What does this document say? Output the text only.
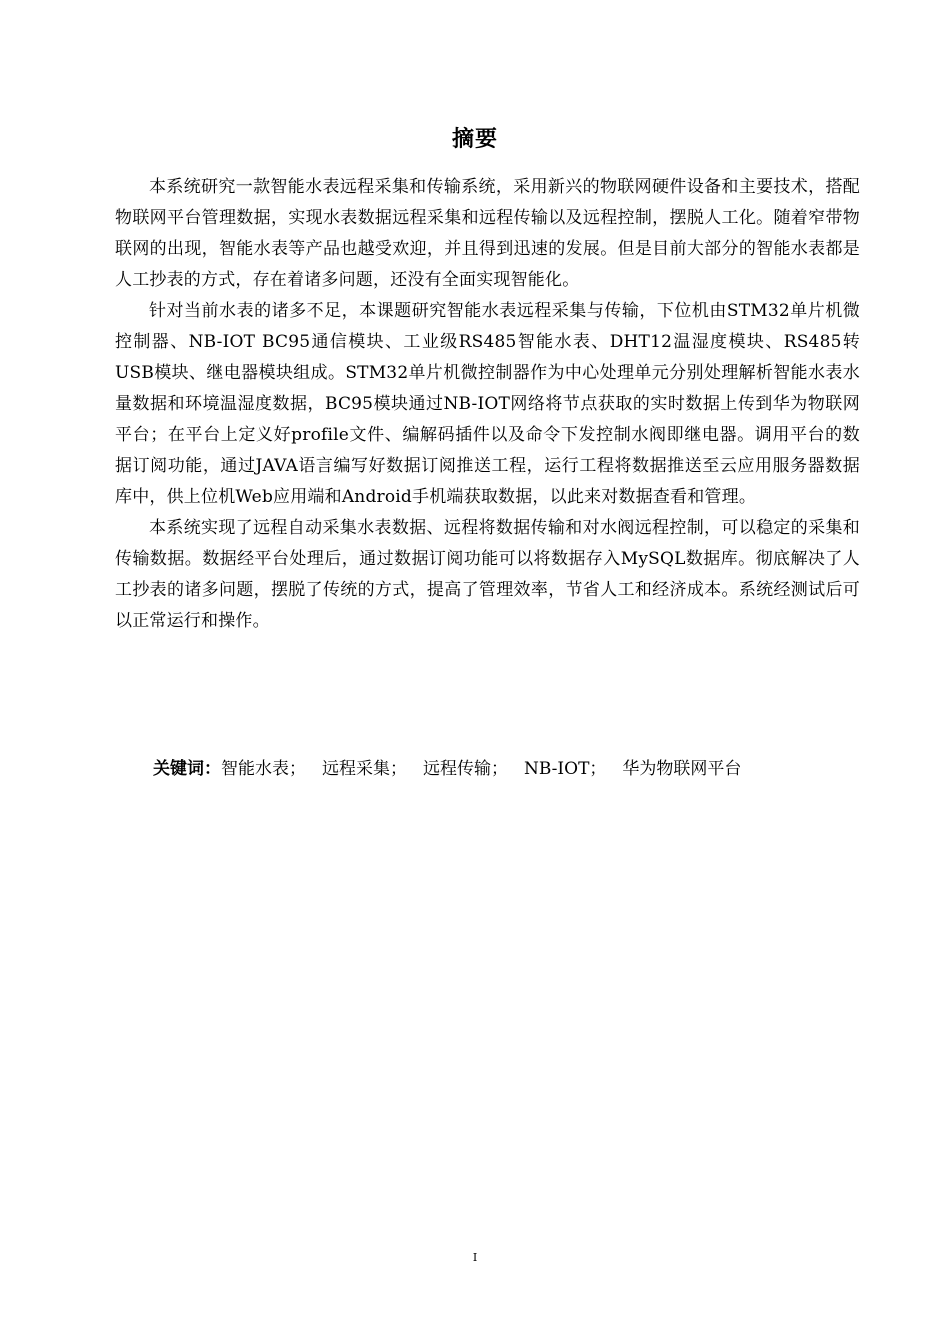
摘要

本系统研究一款智能水表远程采集和传输系统，采用新兴的物联网硬件设备和主要技术，搭配物联网平台管理数据，实现水表数据远程采集和远程传输以及远程控制，摆脱人工化。随着窄带物联网的出现，智能水表等产品也越受欢迎，并且得到迅速的发展。但是目前大部分的智能水表都是人工抄表的方式，存在着诸多问题，还没有全面实现智能化。

针对当前水表的诸多不足，本课题研究智能水表远程采集与传输，下位机由STM32单片机微控制器、NB-IOT BC95通信模块、工业级RS485智能水表、DHT12温湿度模块、RS485转USB模块、继电器模块组成。STM32单片机微控制器作为中心处理单元分别处理解析智能水表水量数据和环境温湿度数据，BC95模块通过NB-IOT网络将节点获取的实时数据上传到华为物联网平台；在平台上定义好profile文件、编解码插件以及命令下发控制水阀即继电器。调用平台的数据订阅功能，通过JAVA语言编写好数据订阅推送工程，运行工程将数据推送至云应用服务器数据库中，供上位机Web应用端和Android手机端获取数据，以此来对数据查看和管理。

本系统实现了远程自动采集水表数据、远程将数据传输和对水阀远程控制，可以稳定的采集和传输数据。数据经平台处理后，通过数据订阅功能可以将数据存入MySQL数据库。彻底解决了人工抄表的诸多问题，摆脱了传统的方式，提高了管理效率，节省人工和经济成本。系统经测试后可以正常运行和操作。

关键词：智能水表； 远程采集； 远程传输； NB-IOT； 华为物联网平台
I
